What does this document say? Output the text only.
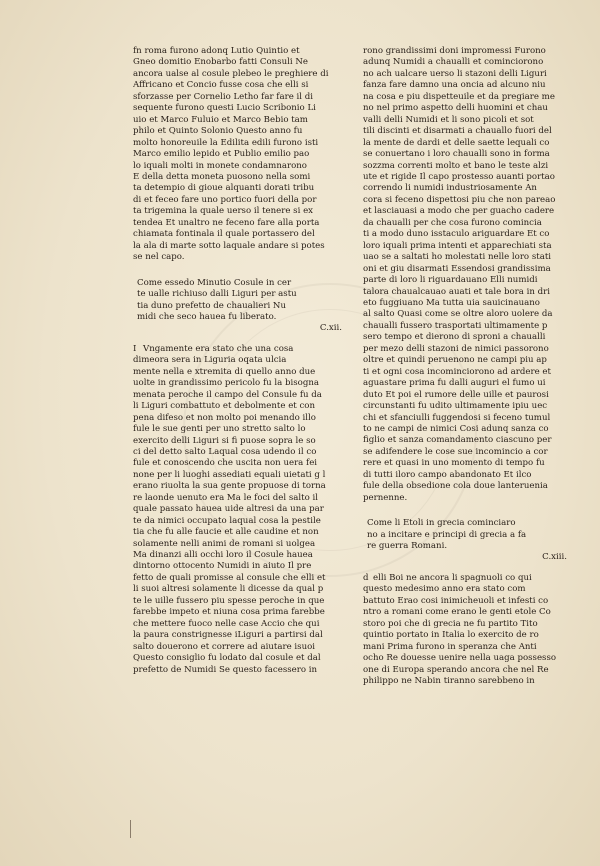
fn roma furono adonq Lutio Quintio et
Gneo domitio Enobarbo fatti Consuli Ne
ancora ualse al cosule plebeo le preghiere di
Affricano et Concio fusse cosa che elli si
sforzasse per Cornelio Letho far fare il di
sequente furono questi Lucio Scribonio Li
uio et Marco Fuluio et Marco Bebio tam
philo et Quinto Solonio Questo anno fu
molto honoreuile la Edilita edili furono isti
Marco emilio lepido et Publio emilio pao
lo iquali molti in monete condamnarono
E della detta moneta puosono nella somi
ta detempio di gioue alquanti dorati tribu
di et feceo fare uno portico fuori della por
ta trigemina la quale uerso il tenere si ex
tendea Et unaltro ne feceno fare alla porta
chiamata fontinala il quale portassero del
la ala di marte sotto laquale andare si potes
se nel capo.
Come essedo Minutio Cosule in cer
te ualle richiuso dalli Liguri per astu
tia duno prefetto de chaualieri Nu
midi che seco hauea fu liberato.
C.xii.
I Vngamente era stato che una cosa
dimeora sera in Liguria oqata ulcia
mente nella e xtremita di quello anno due
uolte in grandissimo pericolo fu la bisogna
menata peroche il campo del Consule fu da
li Liguri combattuto et debolmente et con
pena difeso et non molto poi menando illo
fule le sue genti per uno stretto salto lo
exercito delli Liguri si fi puose sopra le so
ci del detto salto Laqual cosa udendo il co
fule et conoscendo che uscita non uera fei
none per li luoghi assediati equali uietati g l
erano riuolta la sua gente propuose di torna
re laonde uenuto era Ma le foci del salto il
quale passato hauea uide altresi da una par
te da nimici occupato laqual cosa la pestile
tia che fu alle faucie et alle caudine et non
solamente nelli animi de romani si uolgea
Ma dinanzi alli occhi loro il Cosule hauea
dintorno ottocento Numidi in aiuto Il pre
fetto de quali promisse al consule che elli et
li suoi altresi solamente li dicesse da qual p
te le uille fussero piu spesse peroche in que
farebbe impeto et niuna cosa prima farebbe
che mettere fuoco nelle case Accio che qui
la paura constrignesse iLiguri a partirsi dal
salto douerono et correre ad aiutare isuoi
Questo consiglio fu lodato dal cosule et dal
prefetto de Numidi Se questo facessero in
rono grandissimi doni impromessi Furono
adunq Numidi a chaualli et cominciorono
no ach ualcare uerso li stazoni delli Liguri
fanza fare damno una oncia ad alcuno niu
na cosa e piu dispetteuile et da pregiare me
no nel primo aspetto delli huomini et chau
valli delli Numidi et li sono picoli et sot
tili discinti et disarmati a chauallo fuori del
la mente de dardi et delle saette lequali co
se conuertano i loro chaualli sono in forma
sozzma correnti molto et bano le teste alzi
ute et rigide Il capo prostesso auanti portao
correndo li numidi industriosamente An
cora si feceno dispettosi piu che non pareao
et lasciauasi a modo che per guacho cadere
da chaualli per che cosa furono comincia
ti a modo duno isstaculo ariguardare Et co
loro iquali prima intenti et apparechiati sta
uao se a saltati ho molestati nelle loro stati
oni et giu disarmati Essendosi grandissima
parte di loro li riguardauano Elli numidi
talora chaualcauao auati et tale bora in dri
eto fuggiuano Ma tutta uia sauicinauano
al salto Quasi come se oltre aloro uolere da
chaualli fussero trasportati ultimamente p
sero tempo et dierono di sproni a chaualli
per mezo delli stazoni de nimici passorono
oltre et quindi peruenono ne campi piu ap
ti et ogni cosa incominciorono ad ardere et
aguastare prima fu dalli auguri el fumo ui
duto Et poi el rumore delle uille et paurosi
circunstanti fu udito ultimamente ipiu uec
chi et sfanciulli fuggendosi si feceno tumul
to ne campi de nimici Cosi adunq sanza co
figlio et sanza comandamento ciascuno per
se adifendere le cose sue incomincio a cor
rere et quasi in uno momento di tempo fu
di tutti iloro campo abandonato Et ilco
fule della obsedione cola doue lanteruenia
pernenne.
Come li Etoli in grecia cominciaro
no a incitare e principi di grecia a fa
re guerra Romani.
C.xiii.
d elli Boi ne ancora li spagnuoli co qui
questo medesimo anno era stato com
battuto Erao cosi inimicheuoli et infesti co
ntro a romani come erano le genti etole Co
storo poi che di grecia ne fu partito Tito
quintio portato in Italia lo exercito de ro
mani Prima furono in speranza che Anti
ocho Re douesse uenire nella uaga possesso
one di Europa sperando ancora che nel Re
philippo ne Nabin tiranno sarebbeno in
